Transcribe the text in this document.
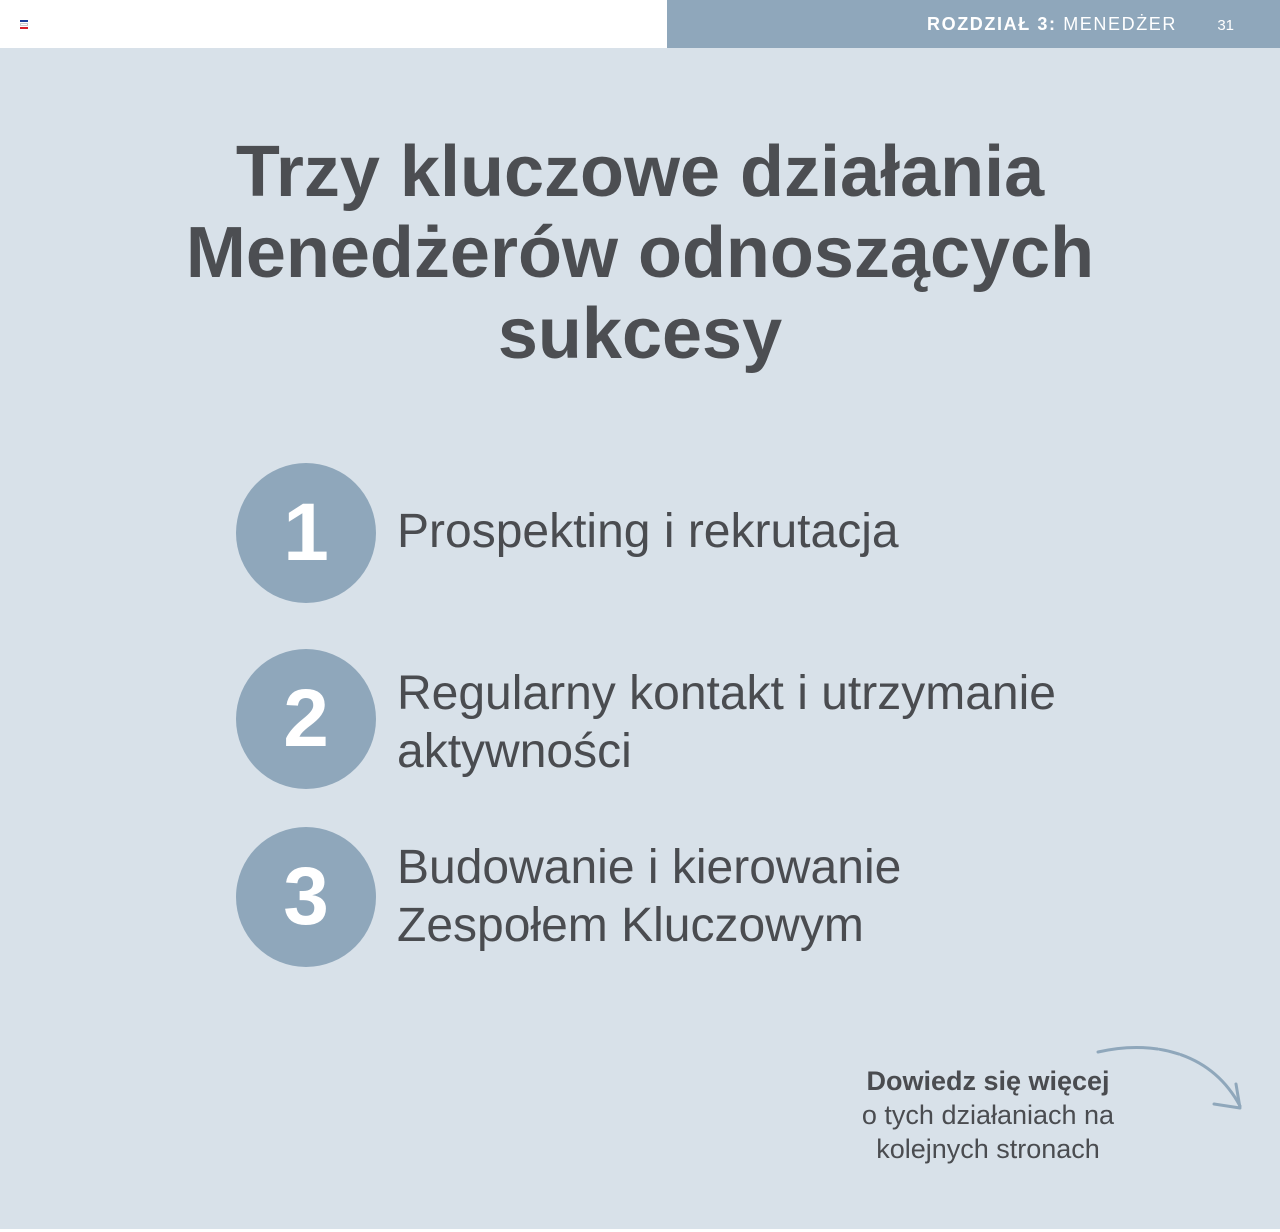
ROZDZIAŁ 3: MENEDŻER	31
Trzy kluczowe działania
Menedżerów odnoszących
sukcesy
1	Prospekting i rekrutacja
2	Regularny kontakt i utrzymanie
aktywności
3	Budowanie i kierowanie
Zespołem Kluczowym
Dowiedz się więcej
o tych działaniach na
kolejnych stronach
